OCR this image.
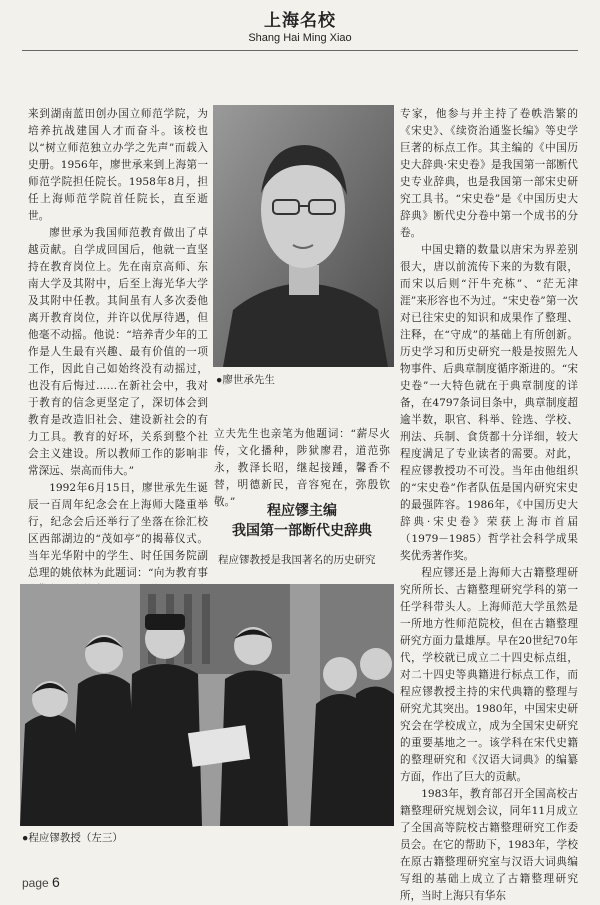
上海名校
Shang Hai Ming Xiao

来到湖南蓝田创办国立师范学院，为培养抗战建国人才而奋斗。该校也以“树立师范独立办学之先声”而载入史册。1956年，廖世承来到上海第一师范学院担任院长。1958年8月，担任上海师范学院首任院长，直至逝世。

廖世承为我国师范教育做出了卓越贡献。自学成回国后，他就一直坚持在教育岗位上。先在南京高师、东南大学及其附中，后至上海光华大学及其附中任教。其间虽有人多次委他离开教育岗位，并许以优厚待遇，但他毫不动摇。他说：“培养青少年的工作是人生最有兴趣、最有价值的一项工作，因此自己如始终没有动摇过，也没有后悔过……在新社会中，我对于教育的信念更坚定了，深切体会到教育是改造旧社会、建设新社会的有力工具。教育的好坏，关系到整个社会主义建设。所以教师工作的影响非常深远、崇高而伟大。”

1992年6月15日，廖世承先生诞辰一百周年纪念会在上海师大隆重举行，纪念会后还举行了坐落在徐汇校区西部湖边的“茂如亭”的揭幕仪式。当年光华附中的学生、时任国务院副总理的姚依林为此题词：“向为教育事

●廖世承先生

立夫先生也亲笔为他题词：“薪尽火传，文化播种，陟狱廖君，道范弥永，教泽长昭，继起接踵，馨香不替，明德新民，音容宛在，弥殷钦敬。”	程应镠主编
我国第一部断代史辞典
程应镠教授是我国著名的历史研究

专家，他参与并主持了卷帙浩繁的《宋史》、《续资治通鉴长编》等史学巨著的标点工作。其主编的《中国历史大辞典·宋史卷》是我国第一部断代史专业辞典，也是我国第一部宋史研究工具书。“宋史卷”是《中国历史大辞典》断代史分卷中第一个成书的分卷。

中国史籍的数量以唐宋为界差别很大，唐以前流传下来的为数有限，而宋以后则“汗牛充栋”、“茫无津涯”来形容也不为过。“宋史卷”第一次对已往宋史的知识和成果作了整理、注释，在“守成”的基础上有所创新。历史学习和历史研究一般是按照先人物事件、后典章制度循序渐进的。“宋史卷”一大特色就在于典章制度的详备，在4797条词目条中，典章制度超逾半数，职官、科举、铨选、学校、刑法、兵制、食货都十分详细，较大程度满足了专业读者的需要。对此，程应镠教授功不可没。当年由他组织的“宋史卷”作者队伍是国内研究宋史的最强阵容。1986年，《中国历史大辞典·宋史卷》荣获上海市首届（1979－1985）哲学社会科学成果奖优秀著作奖。

程应镠还是上海师大古籍整理研究所所长、古籍整理研究学科的第一任学科带头人。上海师范大学虽然是一所地方性师范院校，但在古籍整理研究方面力量雄厚。早在20世纪70年代，学校就已成立二十四史标点组，对二十四史等典籍进行标点工作，而程应镠教授主持的宋代典籍的整理与研究尤其突出。1980年，中国宋史研究会在学校成立，成为全国宋史研究的重要基地之一。该学科在宋代史籍的整理研究和《汉语大词典》的编纂方面，作出了巨大的贡献。

1983年，教育部召开全国高校古籍整理研究规划会议，同年11月成立了全国高等院校古籍整理研究工作委员会。在它的帮助下，1983年，学校在原古籍整理研究室与汉语大词典编写组的基础上成立了古籍整理研究所，当时上海只有华东

●程应镠教授（左三）
page 6
